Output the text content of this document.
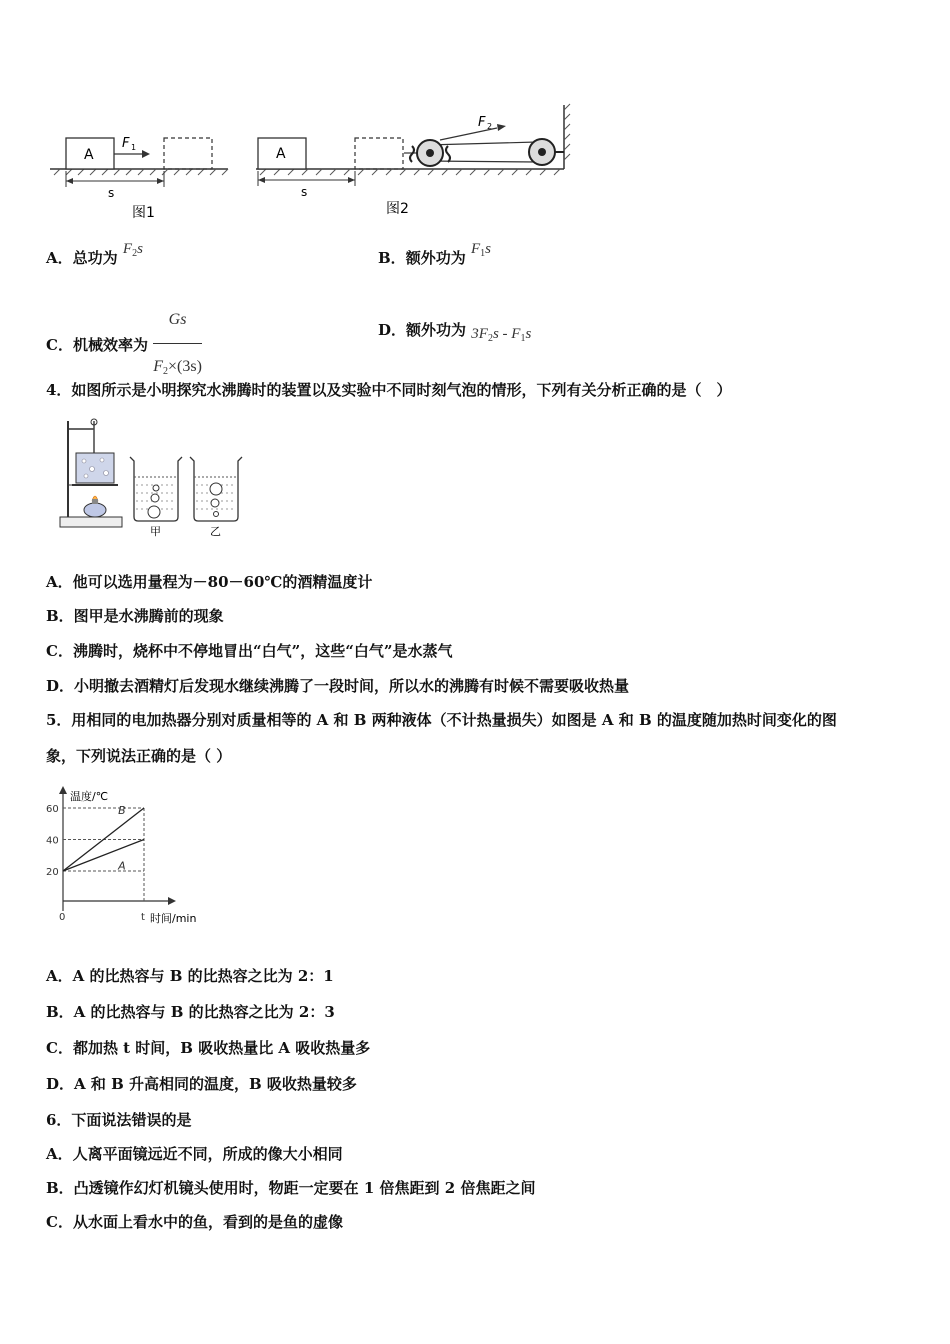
A
F 1
s
图1
A
F 2
s
图2
A．总功为 $F_2s$	B．额外功为 $F_1s$
C．机械效率为 $\frac{Gs}{F_2\times(3s)}$	D．额外功为 $3F_2s - F_1s$
4．如图所示是小明探究水沸腾时的装置以及实验中不同时刻气泡的情形，下列有关分析正确的是（　）
甲	乙
A．他可以选用量程为－80－60℃的酒精温度计
B．图甲是水沸腾前的现象
C．沸腾时，烧杯中不停地冒出“白气”，这些“白气”是水蒸气
D．小明撤去酒精灯后发现水继续沸腾了一段时间，所以水的沸腾有时候不需要吸收热量
5．用相同的电加热器分别对质量相等的 A 和 B 两种液体（不计热量损失）如图是 A 和 B 的温度随加热时间变化的图
象，下列说法正确的是（ ）
温度/℃
时间/min
20
40
60
0	t
A
B
A．A 的比热容与 B 的比热容之比为 2：1
B．A 的比热容与 B 的比热容之比为 2：3
C．都加热 t 时间，B 吸收热量比 A 吸收热量多
D．A 和 B 升高相同的温度，B 吸收热量较多
6．下面说法错误的是
A．人离平面镜远近不同，所成的像大小相同
B．凸透镜作幻灯机镜头使用时，物距一定要在 1 倍焦距到 2 倍焦距之间
C．从水面上看水中的鱼，看到的是鱼的虚像
